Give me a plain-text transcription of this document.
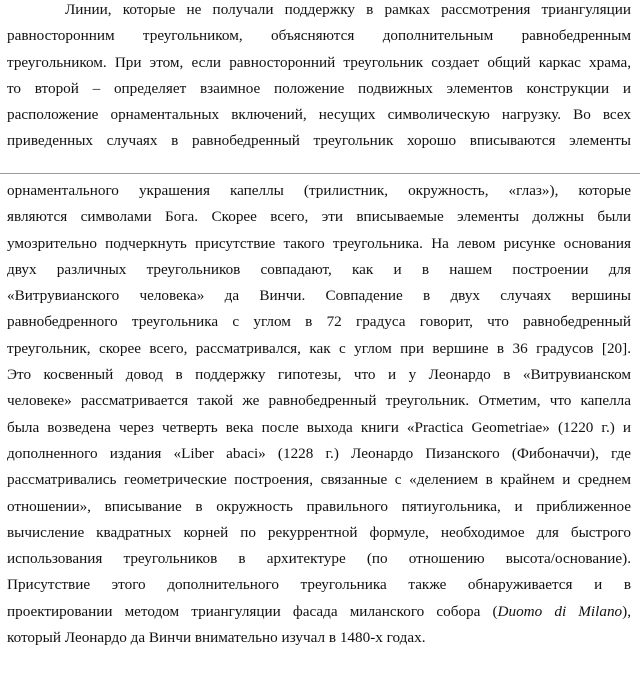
Линии, которые не получали поддержку в рамках рассмотрения триангуляции
равносторонним треугольником, объясняются дополнительным равнобедренным
треугольником. При этом, если равносторонний треугольник создает общий каркас храма,
то второй – определяет взаимное положение подвижных элементов конструкции и
расположение орнаментальных включений, несущих символическую нагрузку. Во всех
приведенных случаях в равнобедренный треугольник хорошо вписываются элементы

орнаментального украшения капеллы (трилистник, окружность, «глаз»), которые
являются символами Бога. Скорее всего, эти вписываемые элементы должны были
умозрительно подчеркнуть присутствие такого треугольника. На левом рисунке основания
двух различных треугольников совпадают, как и в нашем построении для
«Витрувианского человека» да Винчи. Совпадение в двух случаях вершины
равнобедренного треугольника с углом в 72 градуса говорит, что равнобедренный
треугольник, скорее всего, рассматривался, как с углом при вершине в 36 градусов [20].
Это косвенный довод в поддержку гипотезы, что и у Леонардо в «Витрувианском
человеке» рассматривается такой же равнобедренный треугольник. Отметим, что капелла
была возведена через четверть века после выхода книги «Practica Geometriae» (1220 г.) и
дополненного издания «Liber abaci» (1228 г.) Леонардо Пизанского (Фибоначчи), где
рассматривались геометрические построения, связанные с «делением в крайнем и среднем
отношении», вписывание в окружность правильного пятиугольника, и приближенное
вычисление квадратных корней по рекуррентной формуле, необходимое для быстрого
использования треугольников в архитектуре (по отношению высота/основание).
Присутствие этого дополнительного треугольника также обнаруживается и в
проектировании методом триангуляции фасада миланского собора (Duomo di Milano),
который Леонардо да Винчи внимательно изучал в 1480-х годах.
